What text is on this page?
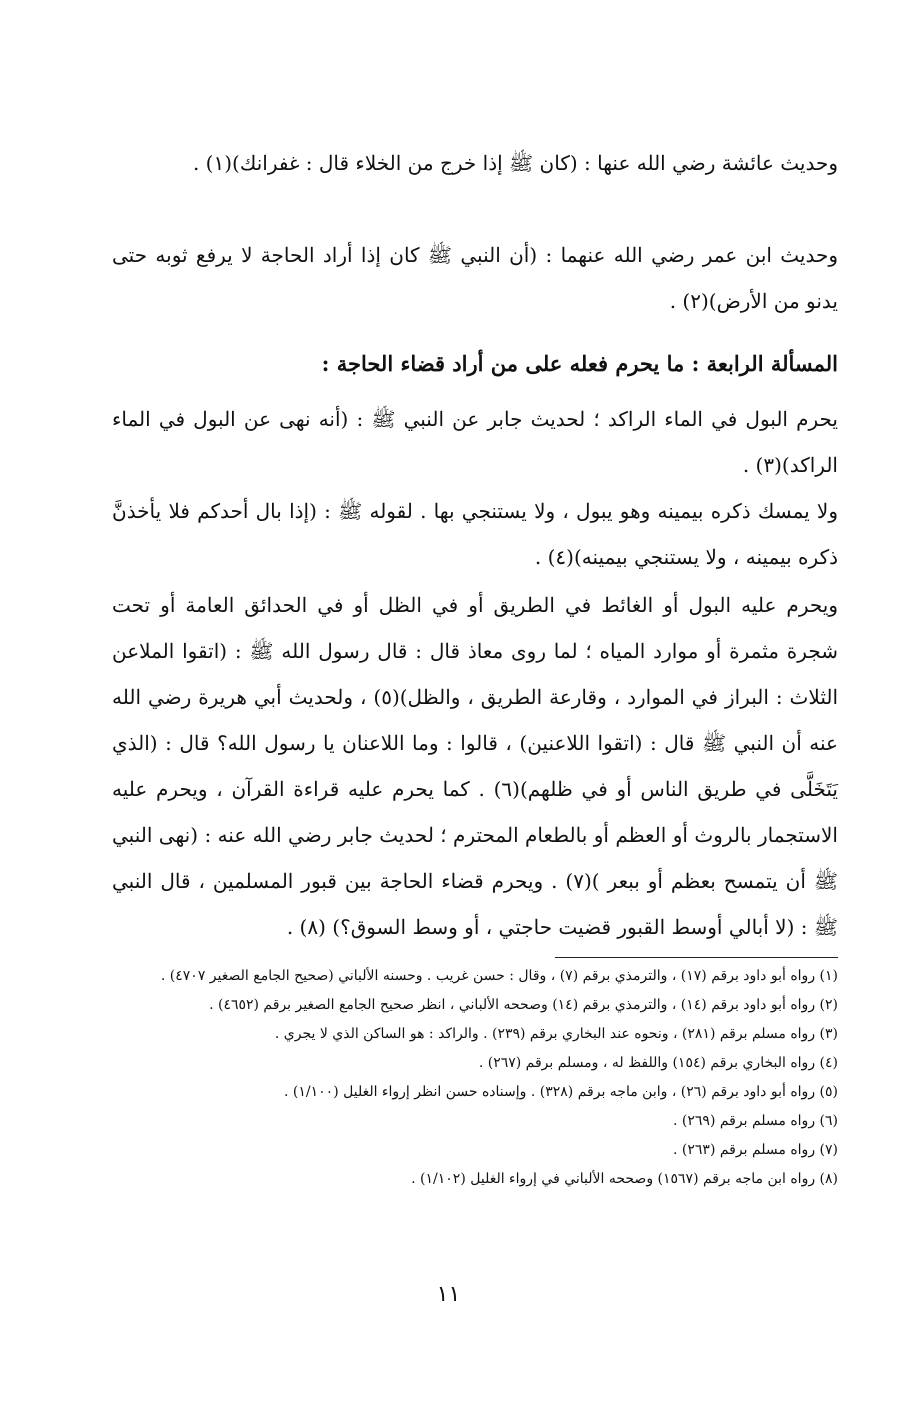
وحديث عائشة رضي الله عنها : (كان ﷺ إذا خرج من الخلاء قال : غفرانك)(١) .

وحديث ابن عمر رضي الله عنهما : (أن النبي ﷺ كان إذا أراد الحاجة لا يرفع ثوبه حتى يدنو من الأرض)(٢) .

المسألة الرابعة : ما يحرم فعله على من أراد قضاء الحاجة :

يحرم البول في الماء الراكد ؛ لحديث جابر عن النبي ﷺ : (أنه نهى عن البول في الماء الراكد)(٣) .

ولا يمسك ذكره بيمينه وهو يبول ، ولا يستنجي بها . لقوله ﷺ : (إذا بال أحدكم فلا يأخذنَّ ذكره بيمينه ، ولا يستنجي بيمينه)(٤) .

ويحرم عليه البول أو الغائط في الطريق أو في الظل أو في الحدائق العامة أو تحت شجرة مثمرة أو موارد المياه ؛ لما روى معاذ قال : قال رسول الله ﷺ : (اتقوا الملاعن الثلاث : البراز في الموارد ، وقارعة الطريق ، والظل)(٥) ، ولحديث أبي هريرة رضي الله عنه أن النبي ﷺ قال : (اتقوا اللاعنين) ، قالوا : وما اللاعنان يا رسول الله؟ قال : (الذي يَتَخَلَّى في طريق الناس أو في ظلهم)(٦) . كما يحرم عليه قراءة القرآن ، ويحرم عليه الاستجمار بالروث أو العظم أو بالطعام المحترم ؛ لحديث جابر رضي الله عنه : (نهى النبي ﷺ أن يتمسح بعظم أو ببعر )(٧) . ويحرم قضاء الحاجة بين قبور المسلمين ، قال النبي ﷺ : (لا أبالي أوسط القبور قضيت حاجتي ، أو وسط السوق؟) (٨) .

(١) رواه أبو داود برقم (١٧) ، والترمذي برقم (٧) ، وقال : حسن غريب . وحسنه الألباني (صحيح الجامع الصغير ٤٧٠٧) .
(٢) رواه أبو داود برقم (١٤) ، والترمذي برقم (١٤) وصححه الألباني ، انظر صحيح الجامع الصغير برقم (٤٦٥٢) .
(٣) رواه مسلم برقم (٢٨١) ، ونحوه عند البخاري برقم (٢٣٩) . والراكد : هو الساكن الذي لا يجري .
(٤) رواه البخاري برقم (١٥٤) واللفظ له ، ومسلم برقم (٢٦٧) .
(٥) رواه أبو داود برقم (٢٦) ، وابن ماجه برقم (٣٢٨) . وإسناده حسن انظر إرواء الغليل (١/١٠٠) .
(٦) رواه مسلم برقم (٢٦٩) .
(٧) رواه مسلم برقم (٢٦٣) .
(٨) رواه ابن ماجه برقم (١٥٦٧) وصححه الألباني في إرواء الغليل (١/١٠٢) .
١١
